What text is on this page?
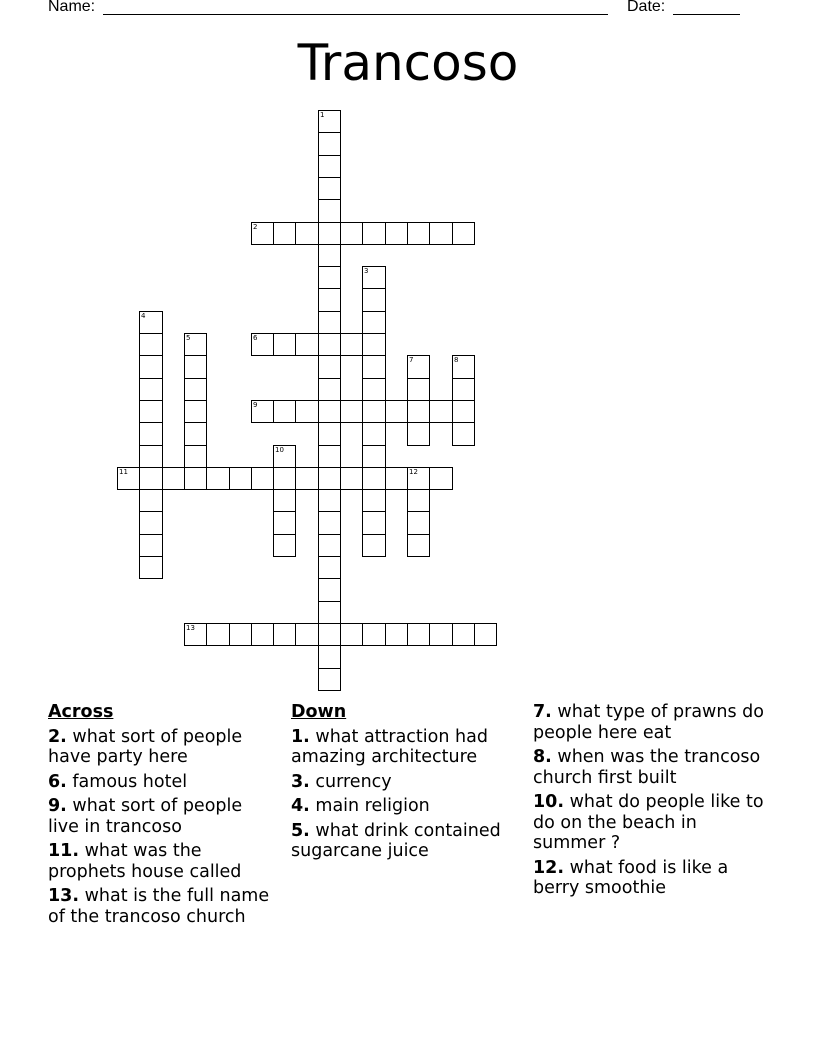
Name:	Date:
Trancoso
1
2
3
4
5	6
7	8
9
10
11	12
13
Across
2. what sort of people have party here
6. famous hotel
9. what sort of people live in trancoso
11. what was the prophets house called
13. what is the full name of the trancoso church
Down
1. what attraction had amazing architecture
3. currency
4. main religion
5. what drink contained sugarcane juice
7. what type of prawns do people here eat
8. when was the trancoso church first built
10. what do people like to do on the beach in summer ?
12. what food is like a berry smoothie
